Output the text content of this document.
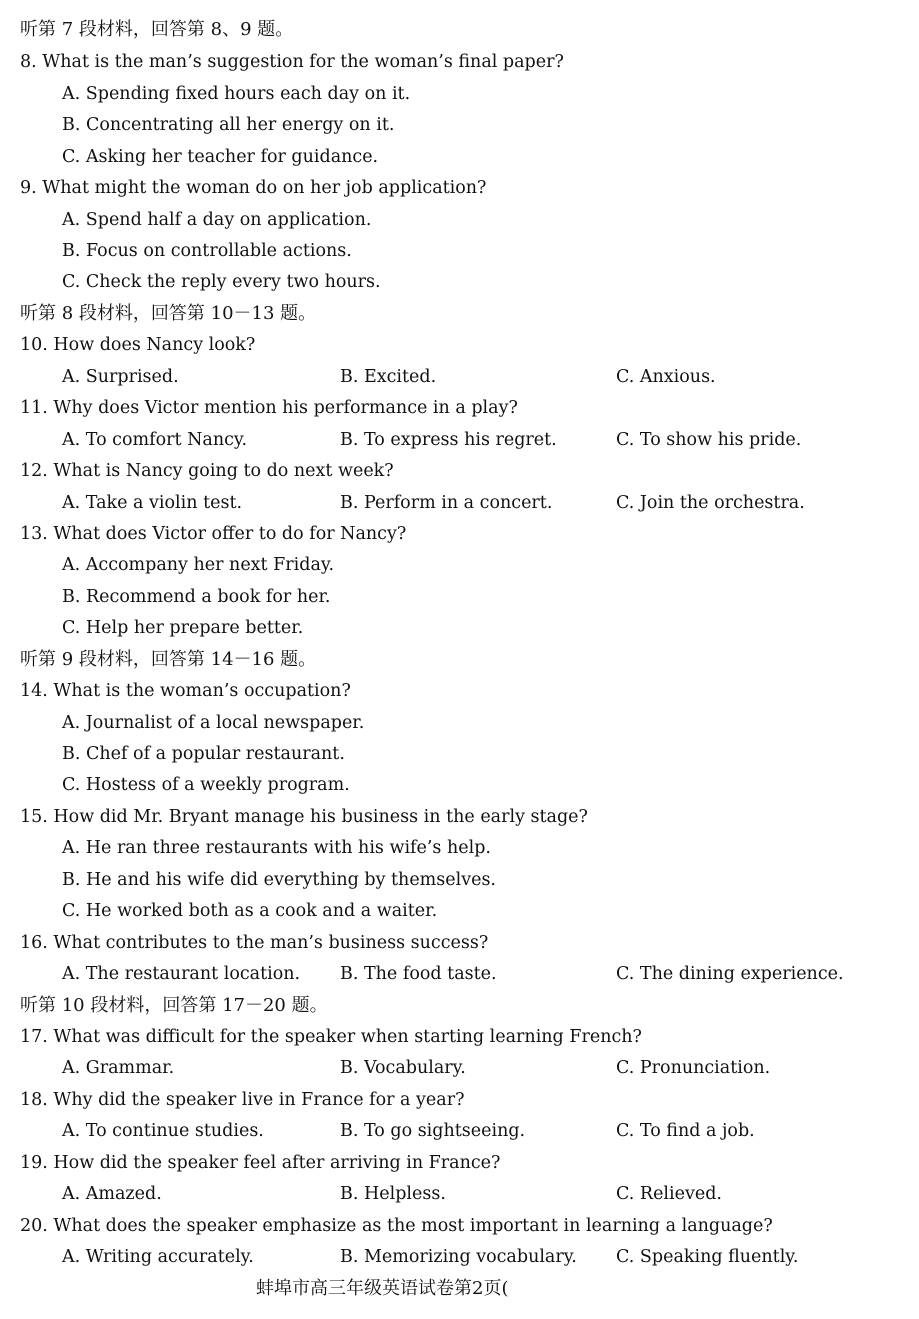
听第 7 段材料，回答第 8、9 题。
8. What is the man’s suggestion for the woman’s final paper?
A. Spending fixed hours each day on it.
B. Concentrating all her energy on it.
C. Asking her teacher for guidance.
9. What might the woman do on her job application?
A. Spend half a day on application.
B. Focus on controllable actions.
C. Check the reply every two hours.
听第 8 段材料，回答第 10－13 题。
10. How does Nancy look?
A. Surprised.	B. Excited.	C. Anxious.
11. Why does Victor mention his performance in a play?
A. To comfort Nancy.	B. To express his regret.	C. To show his pride.
12. What is Nancy going to do next week?
A. Take a violin test.	B. Perform in a concert.	C. Join the orchestra.
13. What does Victor offer to do for Nancy?
A. Accompany her next Friday.
B. Recommend a book for her.
C. Help her prepare better.
听第 9 段材料，回答第 14－16 题。
14. What is the woman’s occupation?
A. Journalist of a local newspaper.
B. Chef of a popular restaurant.
C. Hostess of a weekly program.
15. How did Mr. Bryant manage his business in the early stage?
A. He ran three restaurants with his wife’s help.
B. He and his wife did everything by themselves.
C. He worked both as a cook and a waiter.
16. What contributes to the man’s business success?
A. The restaurant location. B. The food taste.	C. The dining experience.
听第 10 段材料，回答第 17－20 题。
17. What was difficult for the speaker when starting learning French?
A. Grammar.	B. Vocabulary.	C. Pronunciation.
18. Why did the speaker live in France for a year?
A. To continue studies.	B. To go sightseeing.	C. To find a job.
19. How did the speaker feel after arriving in France?
A. Amazed.	B. Helpless.	C. Relieved.
20. What does the speaker emphasize as the most important in learning a language?
A. Writing accurately.	B. Memorizing vocabulary. C. Speaking fluently.
蚌埠市高三年级英语试卷第2页(
